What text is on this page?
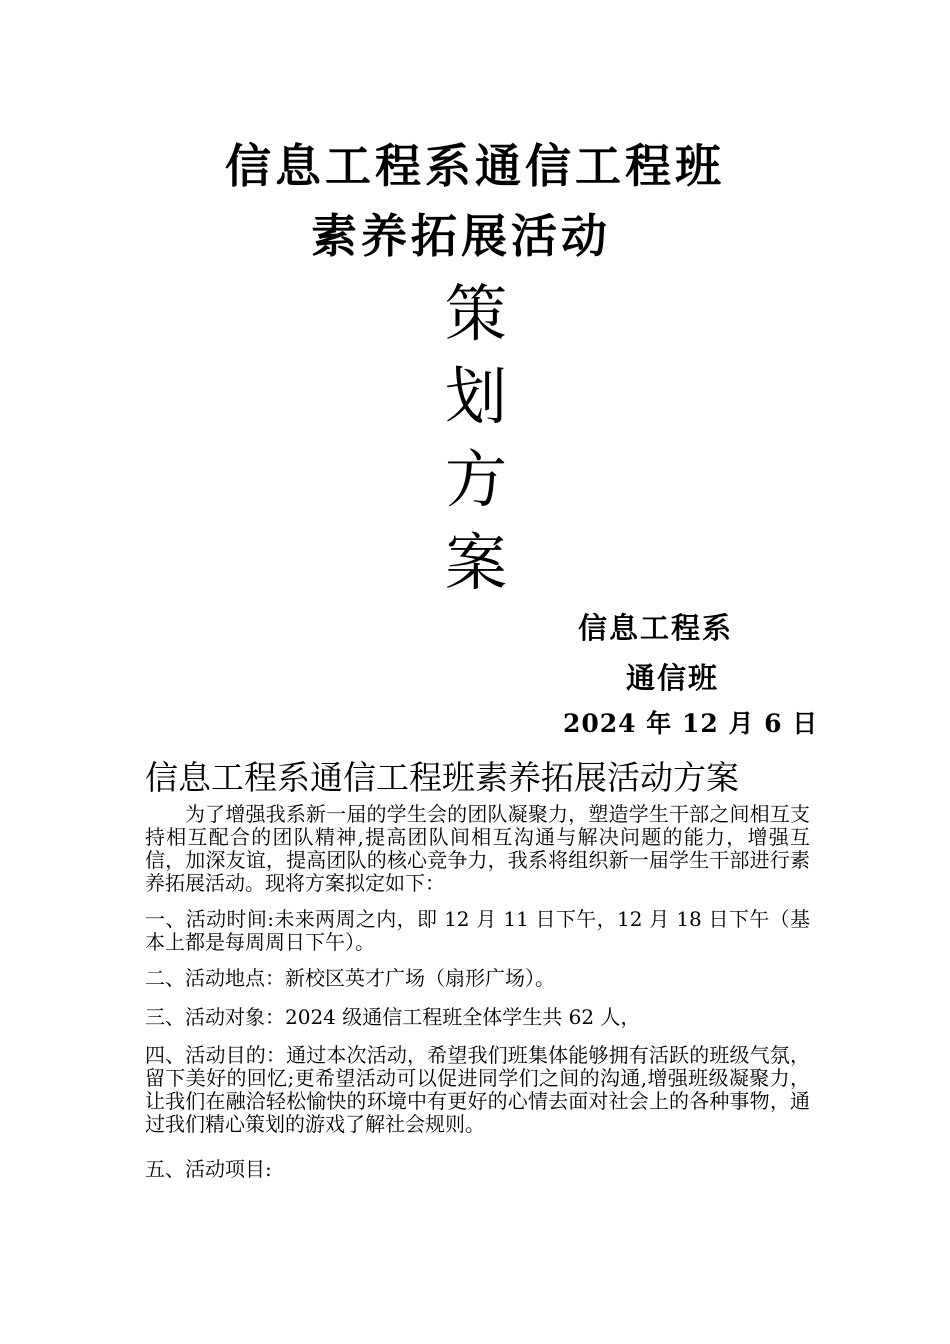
信息工程系通信工程班
素养拓展活动
策
划
方
案
信息工程系
通信班
2024 年 12 月 6 日
信息工程系通信工程班素养拓展活动方案
为了增强我系新一届的学生会的团队凝聚力，塑造学生干部之间相互支持相互配合的团队精神,提高团队间相互沟通与解决问题的能力，增强互信，加深友谊，提高团队的核心竞争力，我系将组织新一届学生干部进行素养拓展活动。现将方案拟定如下：
一、活动时间:未来两周之内，即 12 月 11 日下午，12 月 18 日下午（基本上都是每周周日下午）。
二、活动地点：新校区英才广场（扇形广场）。
三、活动对象：2024 级通信工程班全体学生共 62 人，
四、活动目的：通过本次活动，希望我们班集体能够拥有活跃的班级气氛，留下美好的回忆;更希望活动可以促进同学们之间的沟通,增强班级凝聚力，让我们在融洽轻松愉快的环境中有更好的心情去面对社会上的各种事物，通过我们精心策划的游戏了解社会规则。
五、活动项目:
